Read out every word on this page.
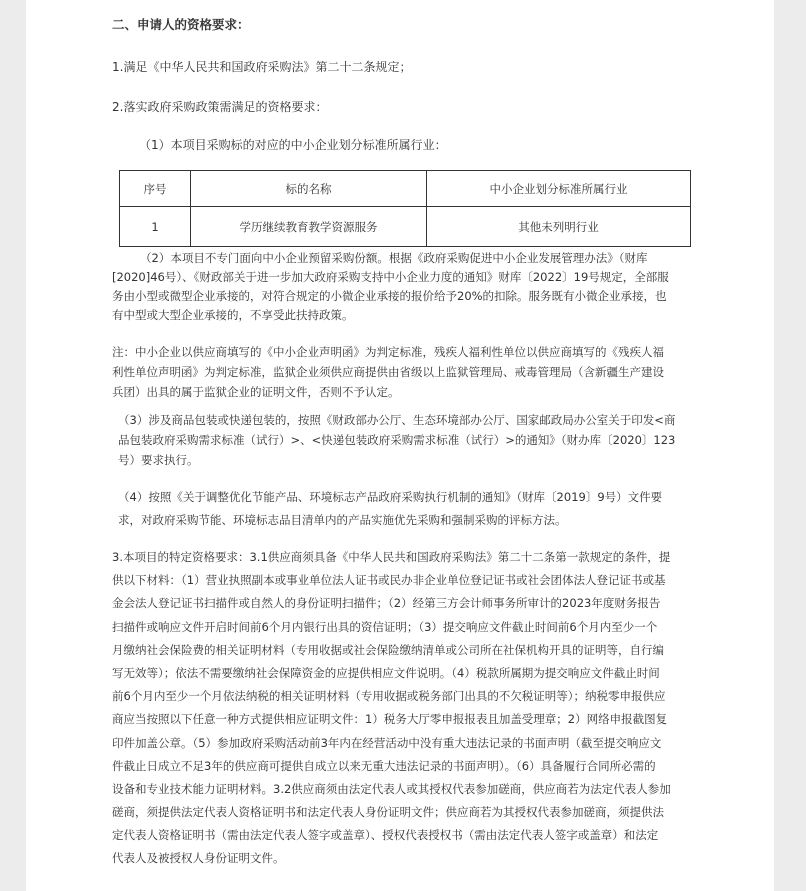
二、申请人的资格要求：
1.满足《中华人民共和国政府采购法》第二十二条规定；
2.落实政府采购政策需满足的资格要求：
（1）本项目采购标的对应的中小企业划分标准所属行业：
序号	标的名称	中小企业划分标准所属行业
1	学历继续教育教学资源服务	其他未列明行业
（2）本项目不专门面向中小企业预留采购份额。根据《政府采购促进中小企业发展管理办法》（财库
[2020]46号）、《财政部关于进一步加大政府采购支持中小企业力度的通知》财库〔2022〕19号规定，全部服
务由小型或微型企业承接的，对符合规定的小微企业承接的报价给予20%的扣除。服务既有小微企业承接，也
有中型或大型企业承接的，不享受此扶持政策。
注：中小企业以供应商填写的《中小企业声明函》为判定标准，残疾人福利性单位以供应商填写的《残疾人福
利性单位声明函》为判定标准，监狱企业须供应商提供由省级以上监狱管理局、戒毒管理局（含新疆生产建设
兵团）出具的属于监狱企业的证明文件，否则不予认定。
（3）涉及商品包装或快递包装的，按照《财政部办公厅、生态环境部办公厅、国家邮政局办公室关于印发<商
品包装政府采购需求标准（试行）>、<快递包装政府采购需求标准（试行）>的通知》（财办库〔2020〕123
号）要求执行。
（4）按照《关于调整优化节能产品、环境标志产品政府采购执行机制的通知》（财库〔2019〕9号）文件要
求，对政府采购节能、环境标志品目清单内的产品实施优先采购和强制采购的评标方法。
3.本项目的特定资格要求：3.1供应商须具备《中华人民共和国政府采购法》第二十二条第一款规定的条件，提
供以下材料：（1）营业执照副本或事业单位法人证书或民办非企业单位登记证书或社会团体法人登记证书或基
金会法人登记证书扫描件或自然人的身份证明扫描件；（2）经第三方会计师事务所审计的2023年度财务报告
扫描件或响应文件开启时间前6个月内银行出具的资信证明；（3）提交响应文件截止时间前6个月内至少一个
月缴纳社会保险费的相关证明材料（专用收据或社会保险缴纳清单或公司所在社保机构开具的证明等，自行编
写无效等）；依法不需要缴纳社会保障资金的应提供相应文件说明。（4）税款所属期为提交响应文件截止时间
前6个月内至少一个月依法纳税的相关证明材料（专用收据或税务部门出具的不欠税证明等）；纳税零申报供应
商应当按照以下任意一种方式提供相应证明文件：1）税务大厅零申报报表且加盖受理章；2）网络申报截图复
印件加盖公章。（5）参加政府采购活动前3年内在经营活动中没有重大违法记录的书面声明（截至提交响应文
件截止日成立不足3年的供应商可提供自成立以来无重大违法记录的书面声明）。（6）具备履行合同所必需的
设备和专业技术能力证明材料。3.2供应商须由法定代表人或其授权代表参加磋商，供应商若为法定代表人参加
磋商，须提供法定代表人资格证明书和法定代表人身份证明文件；供应商若为其授权代表参加磋商，须提供法
定代表人资格证明书（需由法定代表人签字或盖章）、授权代表授权书（需由法定代表人签字或盖章）和法定
代表人及被授权人身份证明文件。
